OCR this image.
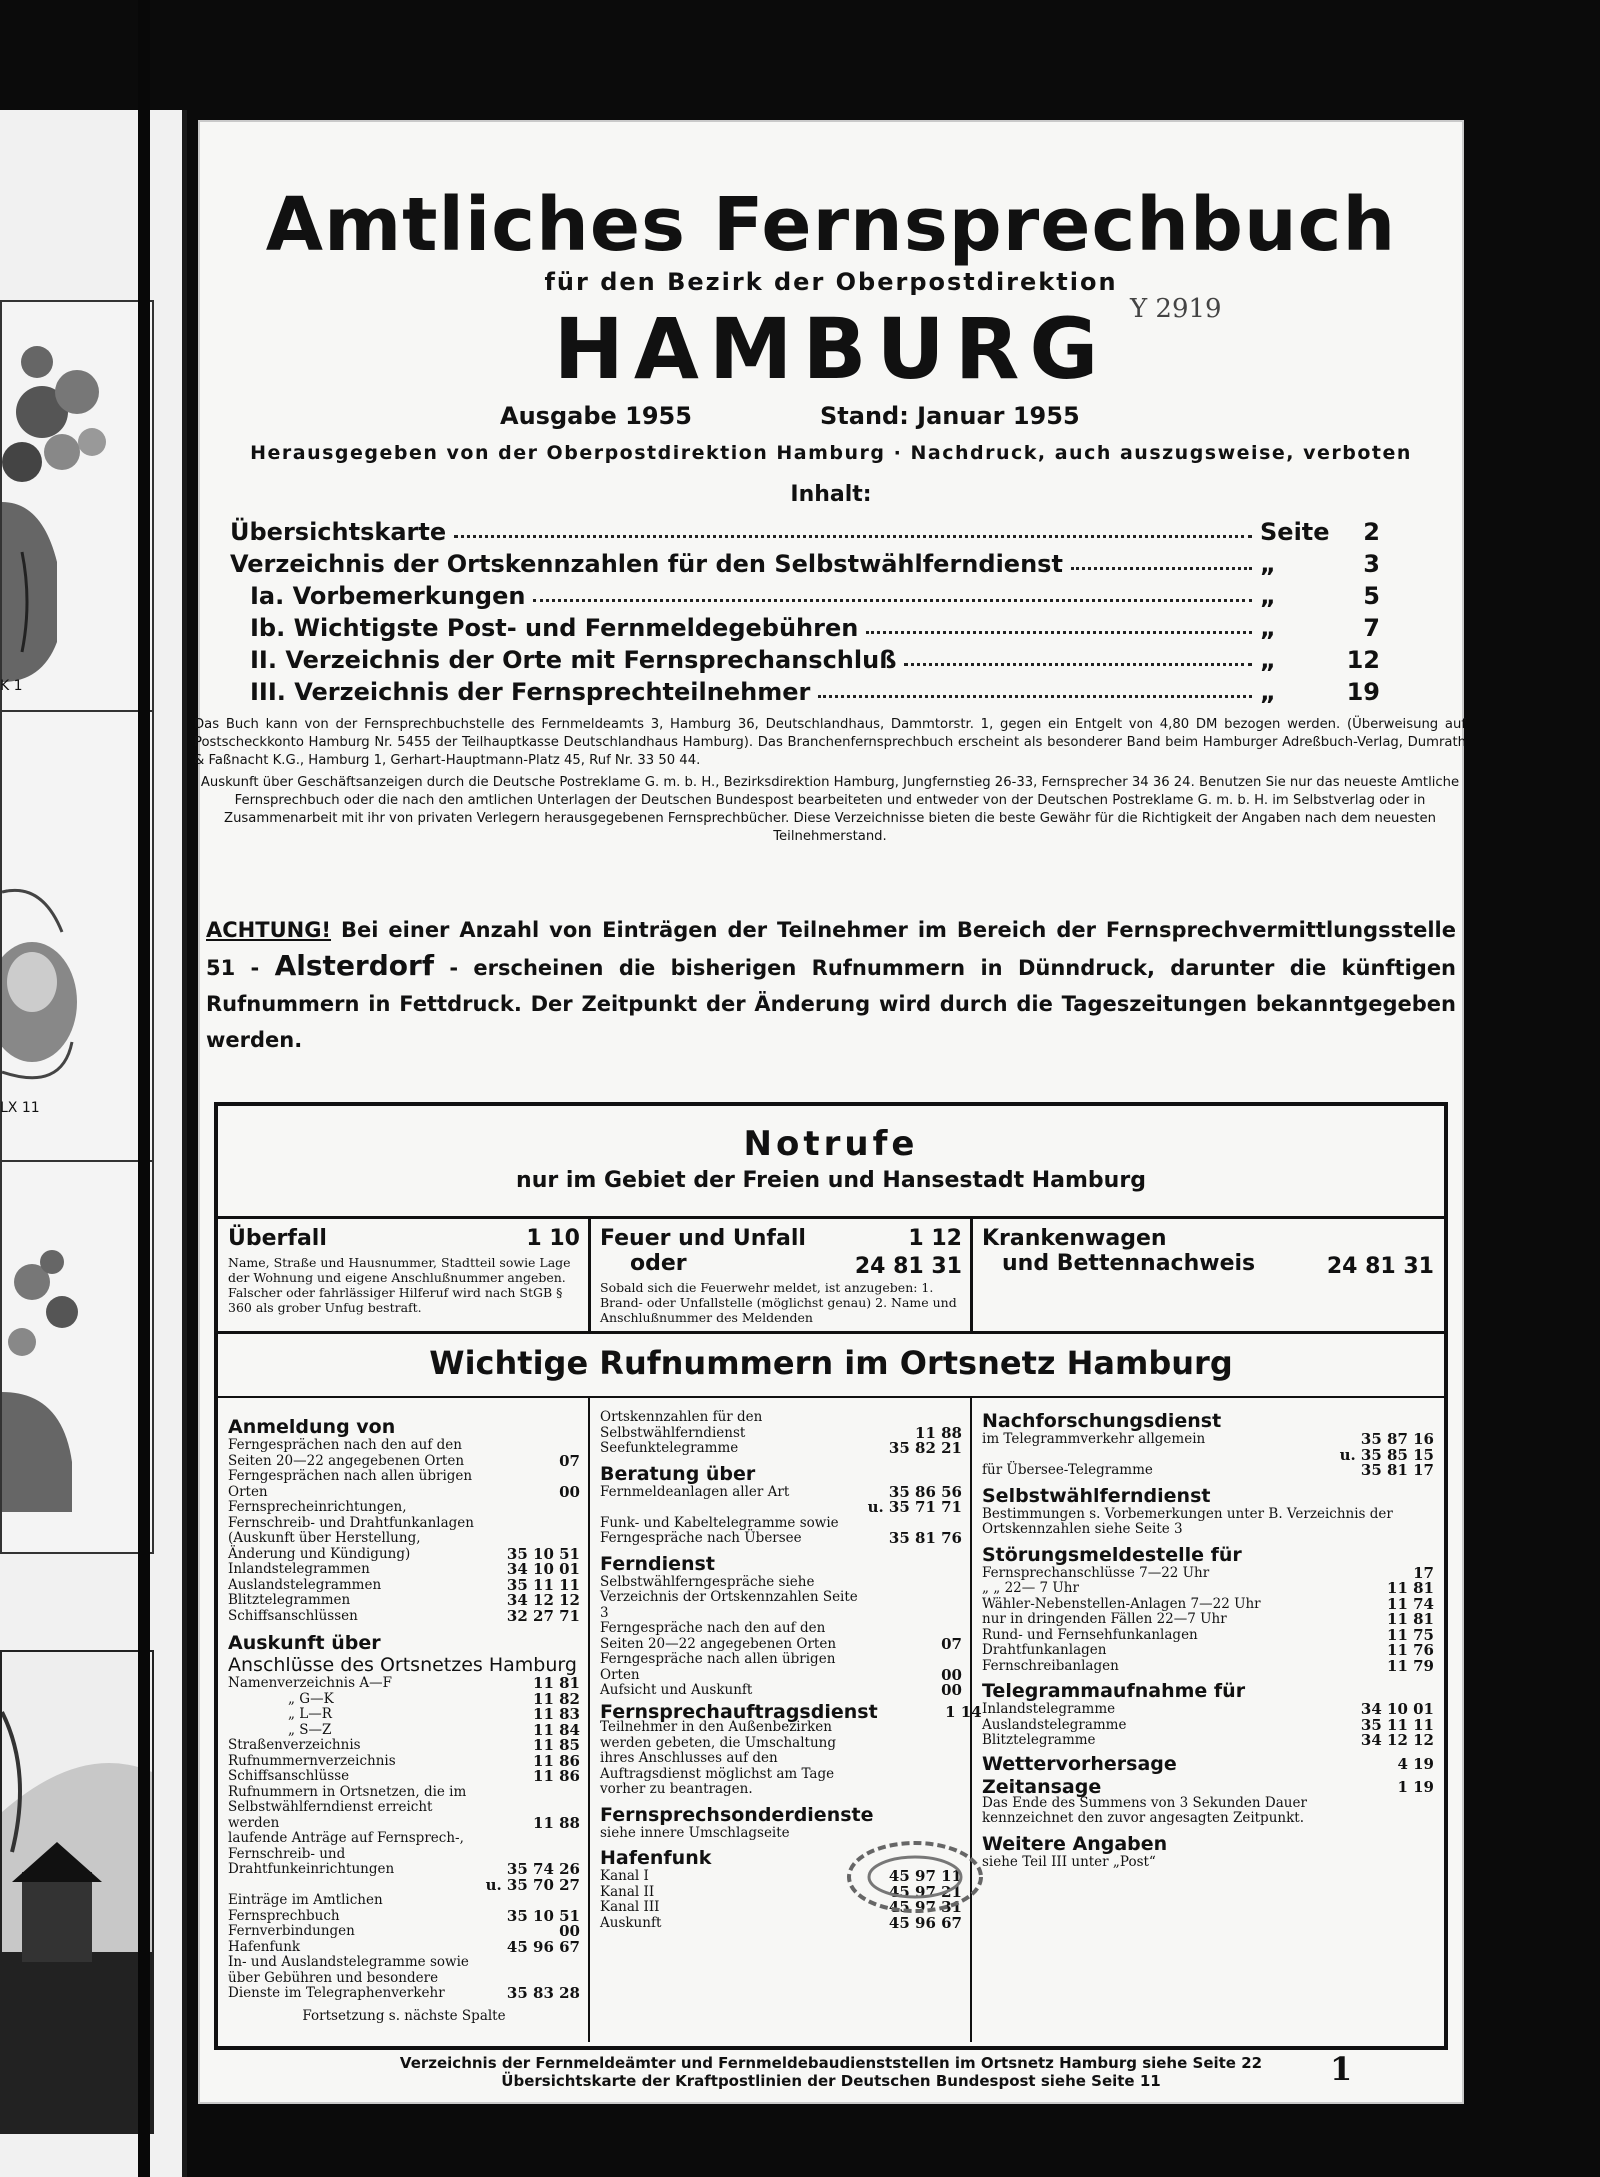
K 1
LX 11
Amtliches Fernsprechbuch
für den Bezirk der Oberpostdirektion
HAMBURG Y 2919
Ausgabe 1955	Stand: Januar 1955
Herausgegeben von der Oberpostdirektion Hamburg · Nachdruck, auch auszugsweise, verboten
Inhalt:
Übersichtskarte	Seite	2
Verzeichnis der Ortskennzahlen für den Selbstwählferndienst	„	3
Ia. Vorbemerkungen	„	5
Ib. Wichtigste Post- und Fernmeldegebühren	„	7
II. Verzeichnis der Orte mit Fernsprechanschluß	„	12
III. Verzeichnis der Fernsprechteilnehmer	„	19

Das Buch kann von der Fernsprechbuchstelle des Fernmeldeamts 3, Hamburg 36, Deutschlandhaus, Dammtorstr. 1, gegen ein Entgelt von 4,80 DM bezogen werden. (Überweisung auf Postscheckkonto Hamburg Nr. 5455 der Teilhauptkasse Deutschlandhaus Hamburg). Das Branchenfernsprechbuch erscheint als besonderer Band beim Hamburger Adreßbuch-Verlag, Dumrath & Faßnacht K.G., Hamburg 1, Gerhart-Hauptmann-Platz 45, Ruf Nr. 33 50 44.

Auskunft über Geschäftsanzeigen durch die Deutsche Postreklame G. m. b. H., Bezirksdirektion Hamburg, Jungfernstieg 26-33, Fernsprecher 34 36 24. Benutzen Sie nur das neueste Amtliche Fernsprechbuch oder die nach den amtlichen Unterlagen der Deutschen Bundespost bearbeiteten und entweder von der Deutschen Postreklame G. m. b. H. im Selbstverlag oder in Zusammenarbeit mit ihr von privaten Verlegern herausgegebenen Fernsprechbücher. Diese Verzeichnisse bieten die beste Gewähr für die Richtigkeit der Angaben nach dem neuesten Teilnehmerstand.

ACHTUNG! Bei einer Anzahl von Einträgen der Teilnehmer im Bereich der Fernsprechvermittlungsstelle 51 - Alsterdorf - erscheinen die bisherigen Rufnummern in Dünndruck, darunter die künftigen Rufnummern in Fettdruck. Der Zeitpunkt der Änderung wird durch die Tageszeitungen bekanntgegeben werden.
Notrufe
nur im Gebiet der Freien und Hansestadt Hamburg
Überfall	1 10
Name, Straße und Hausnummer, Stadtteil sowie Lage der Wohnung und eigene Anschlußnummer angeben. Falscher oder fahrlässiger Hilferuf wird nach StGB § 360 als grober Unfug bestraft.
Feuer und Unfall	1 12
oder	24 81 31
Sobald sich die Feuerwehr meldet, ist anzugeben: 1. Brand- oder Unfallstelle (möglichst genau) 2. Name und Anschlußnummer des Meldenden
Krankenwagen
und Bettennachweis	24 81 31
Wichtige Rufnummern im Ortsnetz Hamburg
Anmeldung von
Ferngesprächen nach den auf den Seiten 20—22 angegebenen Orten	07
Ferngesprächen nach allen übrigen Orten	00
Fernsprecheinrichtungen, Fernschreib- und Drahtfunkanlagen (Auskunft über Herstellung, Änderung und Kündigung)	35 10 51
Inlandstelegrammen	34 10 01
Auslandstelegrammen	35 11 11
Blitztelegrammen	34 12 12
Schiffsanschlüssen	32 27 71
Auskunft über
Anschlüsse des Ortsnetzes Hamburg
Namenverzeichnis A—F	11 81
„ G—K	11 82
„ L—R	11 83
„ S—Z	11 84
Straßenverzeichnis	11 85
Rufnummernverzeichnis	11 86
Schiffsanschlüsse	11 86
Rufnummern in Ortsnetzen, die im Selbstwählferndienst erreicht werden	11 88
laufende Anträge auf Fernsprech-, Fernschreib- und Drahtfunkeinrichtungen	35 74 26
u. 35 70 27
Einträge im Amtlichen Fernsprechbuch	35 10 51
Fernverbindungen	00
Hafenfunk	45 96 67
In- und Auslandstelegramme sowie über Gebühren und besondere Dienste im Telegraphenverkehr	35 83 28
Fortsetzung s. nächste Spalte
Ortskennzahlen für den Selbstwählferndienst	11 88
Seefunktelegramme	35 82 21
Beratung über
Fernmeldeanlagen aller Art	35 86 56
u. 35 71 71
Funk- und Kabeltelegramme sowie Ferngespräche nach Übersee	35 81 76
Ferndienst
Selbstwählferngespräche siehe Verzeichnis der Ortskennzahlen Seite 3
Ferngespräche nach den auf den Seiten 20—22 angegebenen Orten	07
Ferngespräche nach allen übrigen Orten	00
Aufsicht und Auskunft	00
Fernsprechauftragsdienst	1 14
Teilnehmer in den Außenbezirken werden gebeten, die Umschaltung ihres Anschlusses auf den Auftragsdienst möglichst am Tage vorher zu beantragen.
Fernsprechsonderdienste
siehe innere Umschlagseite
Hafenfunk
Kanal I	45 97 11
Kanal II	45 97 21
Kanal III	45 97 31
Auskunft	45 96 67
Nachforschungsdienst
im Telegrammverkehr allgemein	35 87 16
u. 35 85 15
für Übersee-Telegramme	35 81 17
Selbstwählferndienst
Bestimmungen s. Vorbemerkungen unter B. Verzeichnis der Ortskennzahlen siehe Seite 3
Störungsmeldestelle für
Fernsprechanschlüsse 7—22 Uhr	17
„ „ 22— 7 Uhr	11 81
Wähler-Nebenstellen-Anlagen 7—22 Uhr	11 74
nur in dringenden Fällen 22—7 Uhr	11 81
Rund- und Fernsehfunkanlagen	11 75
Drahtfunkanlagen	11 76
Fernschreibanlagen	11 79
Telegrammaufnahme für
Inlandstelegramme	34 10 01
Auslandstelegramme	35 11 11
Blitztelegramme	34 12 12
Wettervorhersage	4 19
Zeitansage	1 19
Das Ende des Summens von 3 Sekunden Dauer kennzeichnet den zuvor angesagten Zeitpunkt.
Weitere Angaben
siehe Teil III unter „Post“
Verzeichnis der Fernmeldeämter und Fernmeldebaudienststellen im Ortsnetz Hamburg siehe Seite 22
Übersichtskarte der Kraftpostlinien der Deutschen Bundespost siehe Seite 11	1
